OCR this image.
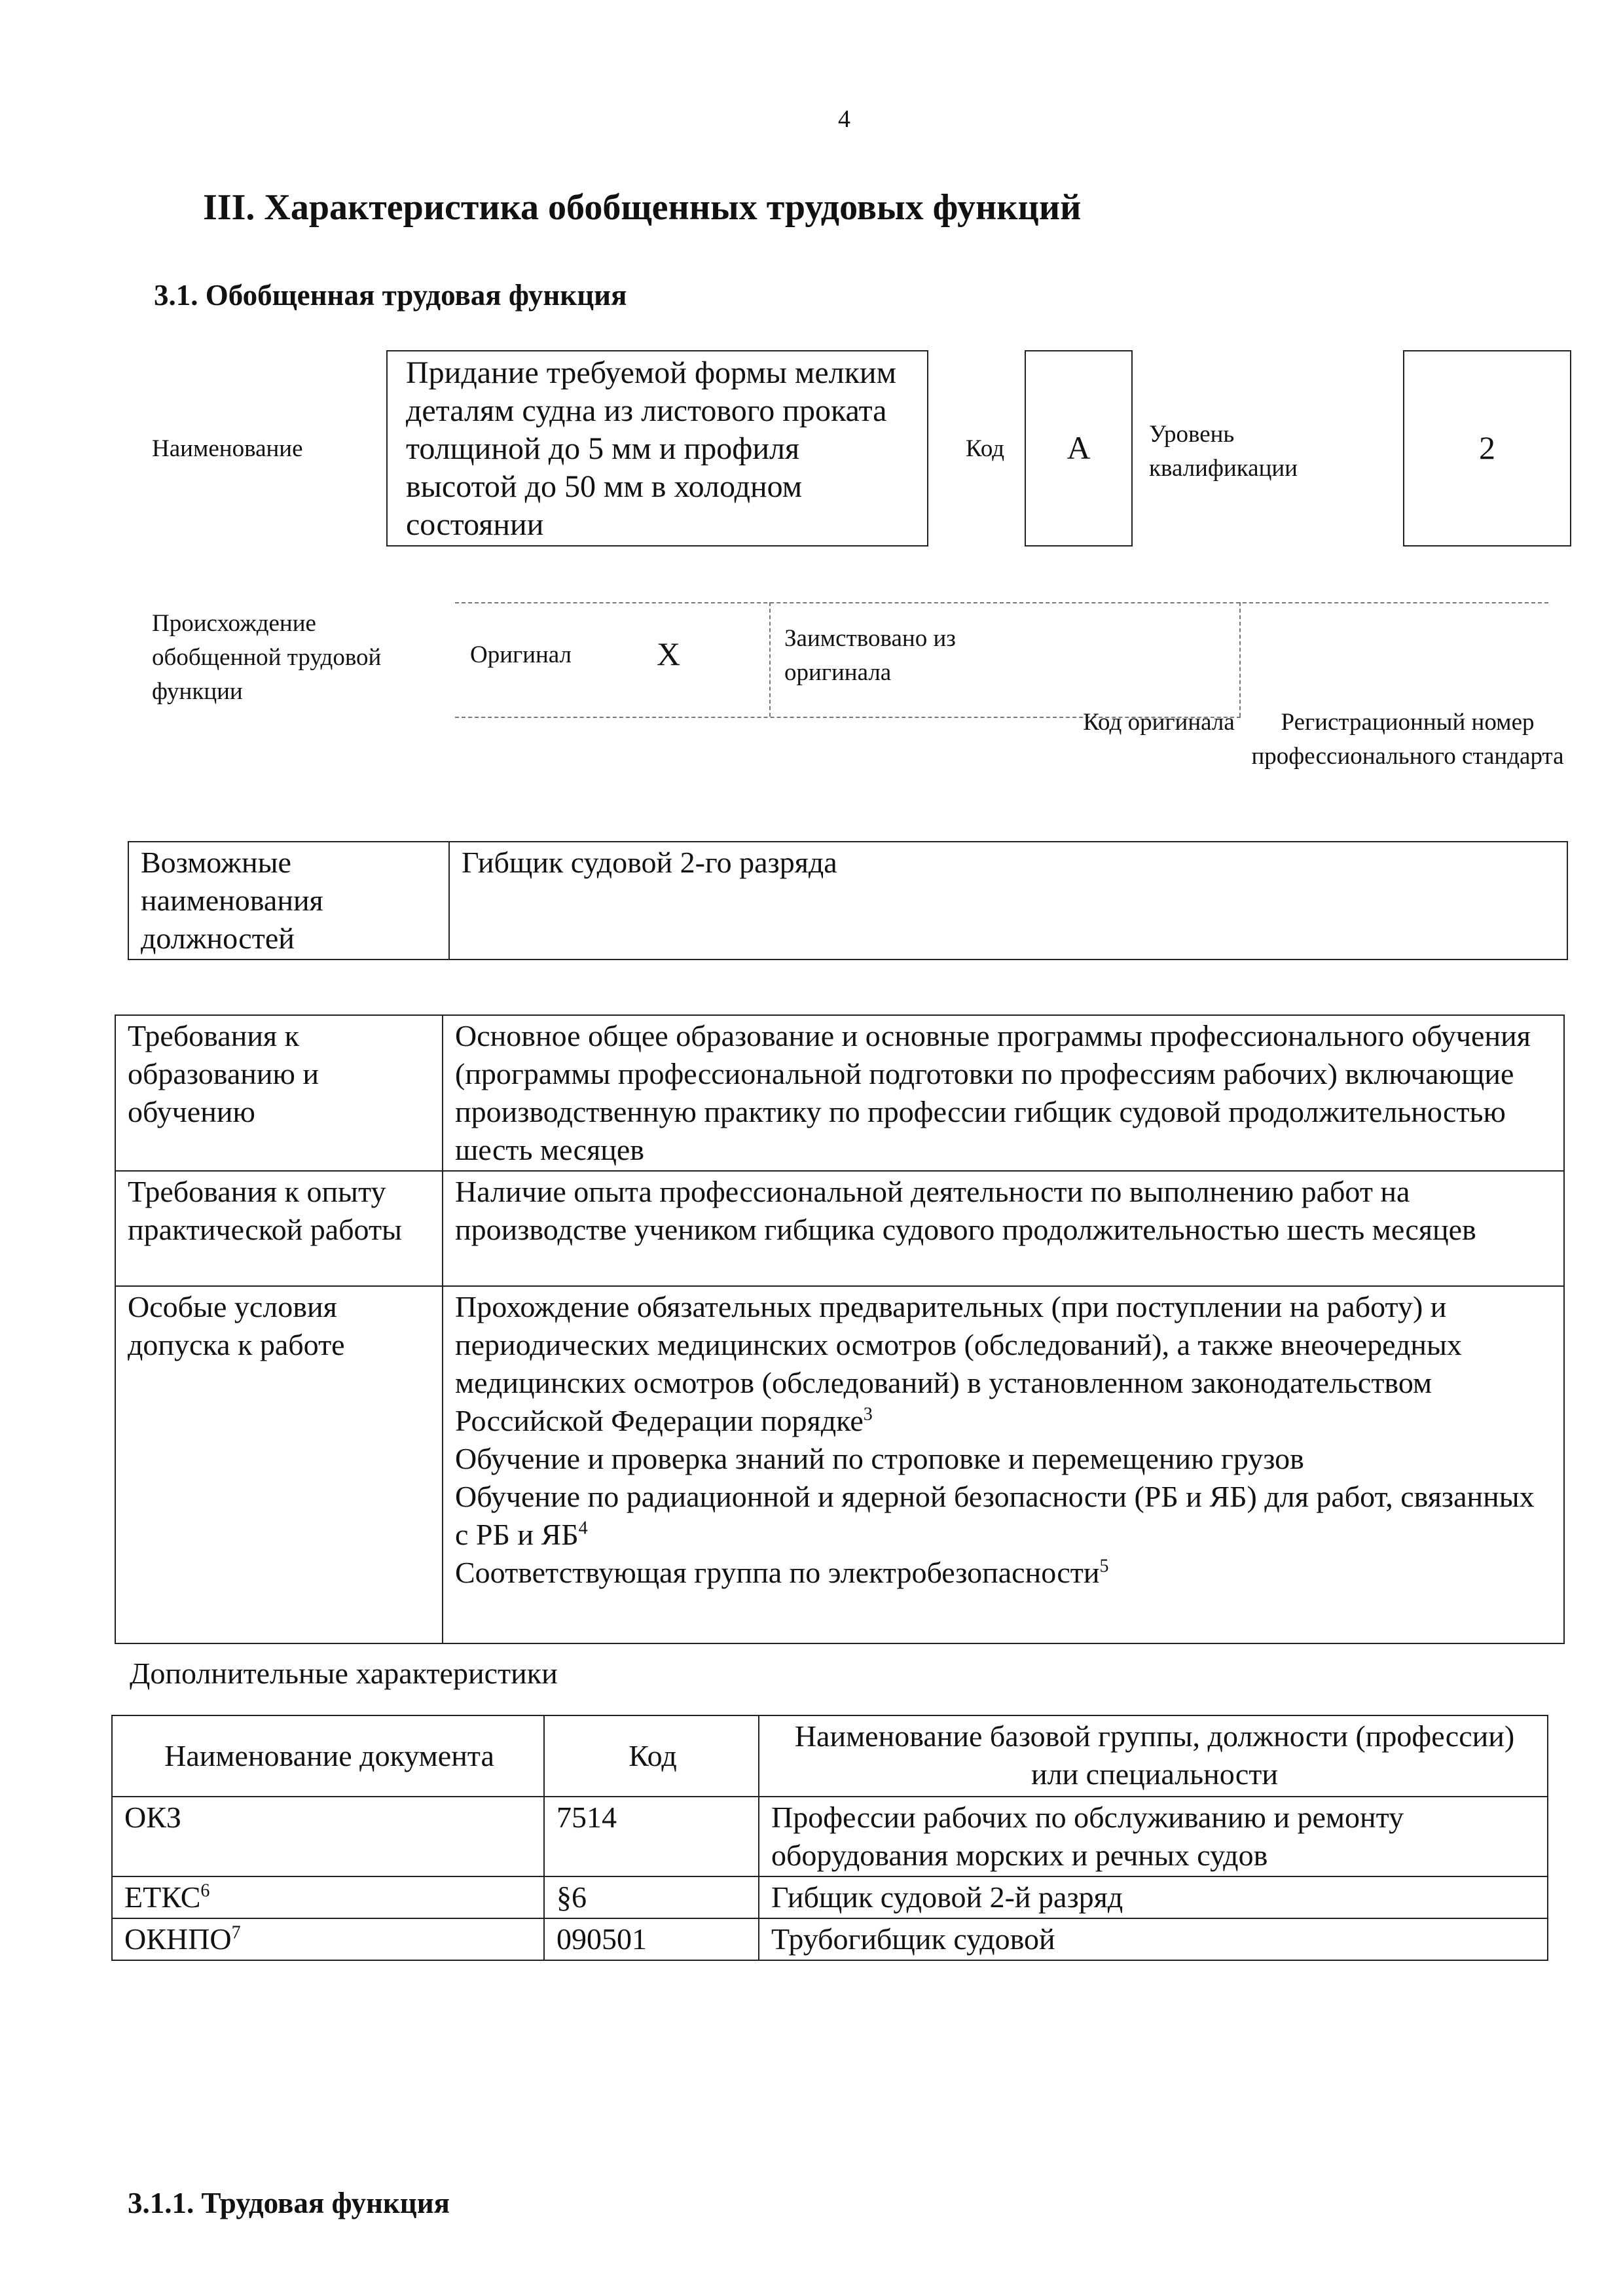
4
III. Характеристика обобщенных трудовых функций
3.1. Обобщенная трудовая функция
Наименование
Придание требуемой формы мелким деталям судна из листового проката толщиной до 5 мм и профиля высотой до 50 мм в холодном состоянии
Код	A	Уровень квалификации
2
Происхождение обобщенной трудовой функции
Оригинал	X	Заимствовано из оригинала
Код оригинала	Регистрационный номер профессионального стандарта
Возможные наименования должностей	Гибщик судовой 2-го разряда
Требования к образованию и обучению	Основное общее образование и основные программы профессионального обучения (программы профессиональной подготовки по профессиям рабочих) включающие производственную практику по профессии гибщик судовой продолжительностью шесть месяцев
Требования к опыту практической работы	Наличие опыта профессиональной деятельности по выполнению работ на производстве учеником гибщика судового продолжительностью шесть месяцев
Особые условия допуска к работе	Прохождение обязательных предварительных (при поступлении на работу) и периодических медицинских осмотров (обследований), а также внеочередных медицинских осмотров (обследований) в установленном законодательством Российской Федерации порядке$^3$
Обучение и проверка знаний по строповке и перемещению грузов
Обучение по радиационной и ядерной безопасности (РБ и ЯБ) для работ, связанных с РБ и $ЯБ^4$
Соответствующая группа по электробезопасности$^5$
Дополнительные характеристики
Наименование документа	Код	Наименование базовой группы, должности (профессии) или специальности
ОКЗ	7514	Профессии рабочих по обслуживанию и ремонту оборудования морских и речных судов
ЕТКС$^6$	§6	Гибщик судовой 2-й разряд
ОКНПО$^7$	090501	Трубогибщик судовой
3.1.1. Трудовая функция
